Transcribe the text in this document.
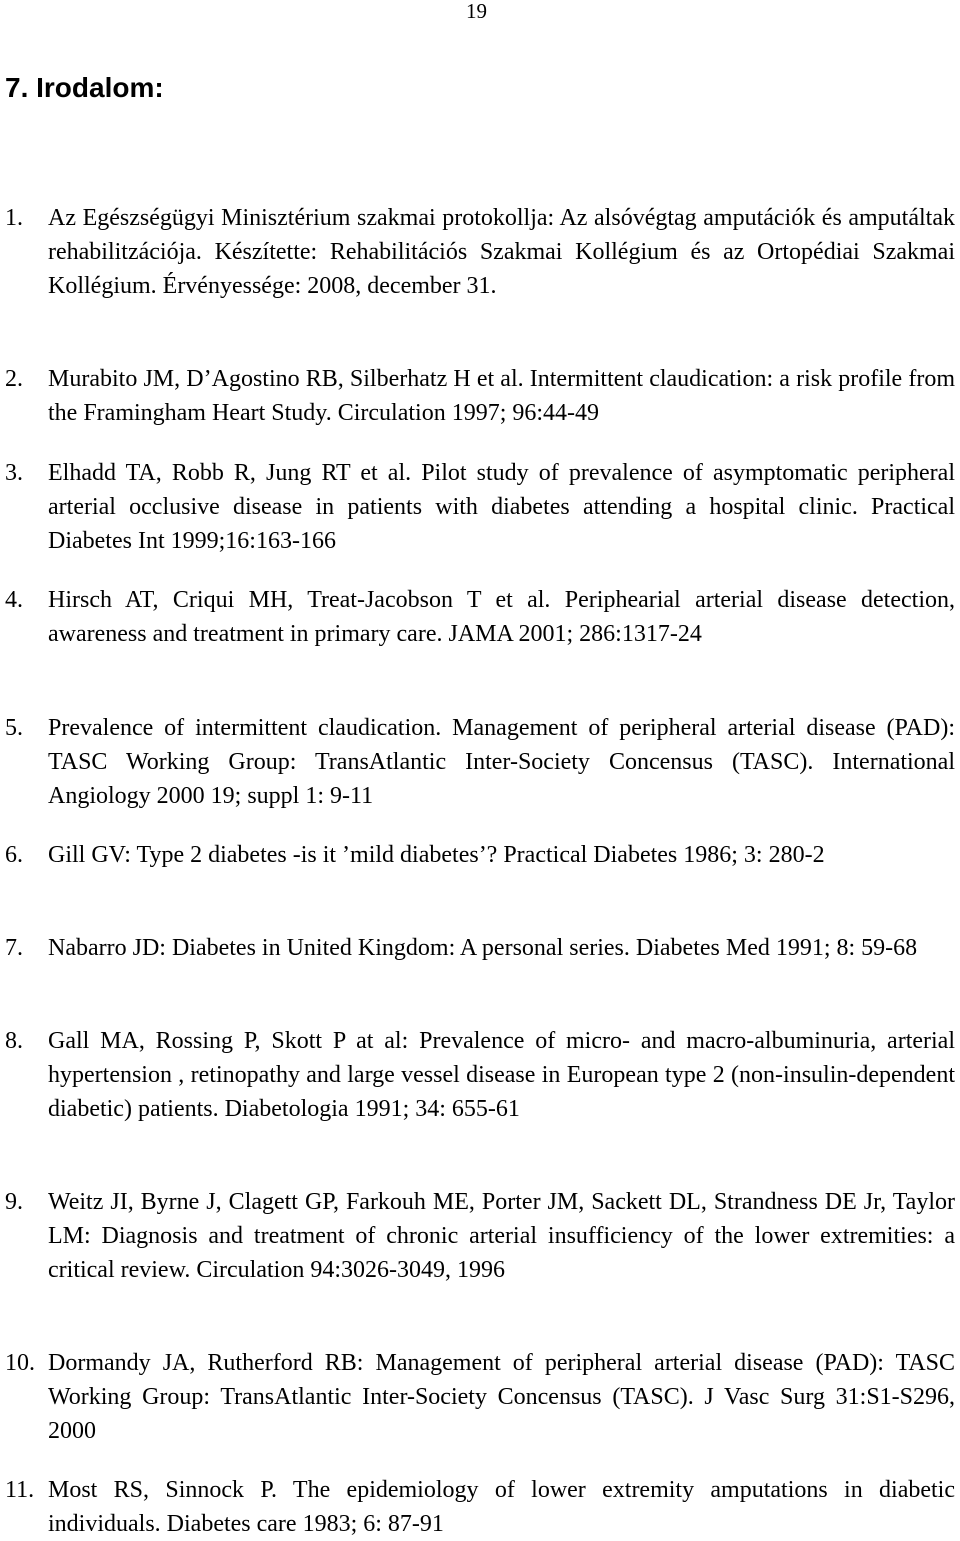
19
7. Irodalom:
1. Az Egészségügyi Minisztérium szakmai protokollja: Az alsóvégtag amputációk és amputáltak rehabilitzációja. Készítette: Rehabilitációs Szakmai Kollégium és az Ortopédiai Szakmai Kollégium. Érvényessége: 2008, december 31.
2. Murabito JM, D’Agostino RB, Silberhatz H et al. Intermittent claudication: a risk profile from the Framingham Heart Study. Circulation 1997; 96:44-49
3. Elhadd TA, Robb R, Jung RT et al. Pilot study of prevalence of asymptomatic peripheral arterial occlusive disease in patients with diabetes attending a hospital clinic. Practical Diabetes Int 1999;16:163-166
4. Hirsch AT, Criqui MH, Treat-Jacobson T et al. Periphearial arterial disease detection, awareness and treatment in primary care. JAMA 2001; 286:1317-24
5. Prevalence of intermittent claudication. Management of peripheral arterial disease (PAD): TASC Working Group: TransAtlantic Inter-Society Concensus (TASC). International Angiology 2000 19; suppl 1: 9-11
6. Gill GV: Type 2 diabetes -is it ’mild diabetes’? Practical Diabetes 1986; 3: 280-2
7. Nabarro JD: Diabetes in United Kingdom: A personal series. Diabetes Med 1991; 8: 59-68
8. Gall MA, Rossing P, Skott P at al: Prevalence of micro- and macro-albuminuria, arterial hypertension , retinopathy and large vessel disease in European type 2 (non-insulin-dependent diabetic) patients. Diabetologia 1991; 34: 655-61
9. Weitz JI, Byrne J, Clagett GP, Farkouh ME, Porter JM, Sackett DL, Strandness DE Jr, Taylor LM: Diagnosis and treatment of chronic arterial insufficiency of the lower extremities: a critical review. Circulation 94:3026-3049, 1996
10. Dormandy JA, Rutherford RB: Management of peripheral arterial disease (PAD): TASC Working Group: TransAtlantic Inter-Society Concensus (TASC). J Vasc Surg 31:S1-S296, 2000
11. Most RS, Sinnock P. The epidemiology of lower extremity amputations in diabetic individuals. Diabetes care 1983; 6: 87-91
